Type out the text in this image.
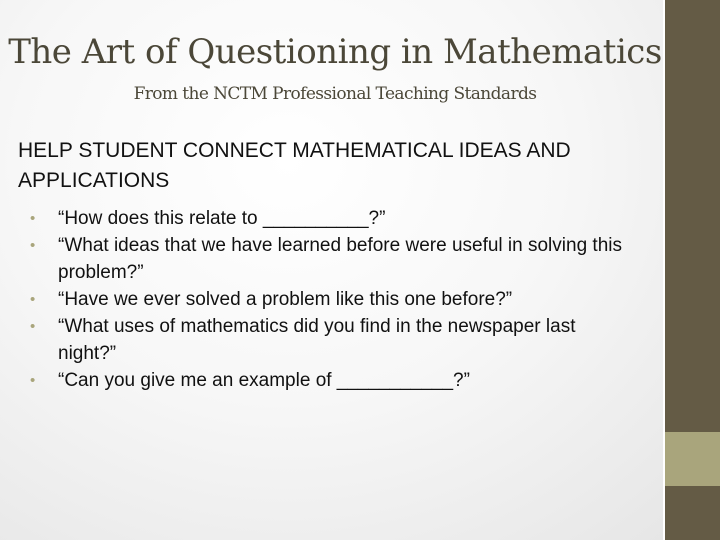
The Art of Questioning in Mathematics
From the NCTM Professional Teaching Standards
HELP STUDENT CONNECT MATHEMATICAL IDEAS AND APPLICATIONS
• “How does this relate to __________?”
• “What ideas that we have learned before were useful in solving this problem?”
• “Have we ever solved a problem like this one before?”
• “What uses of mathematics did you find in the newspaper last night?”
• “Can you give me an example of ___________?”
